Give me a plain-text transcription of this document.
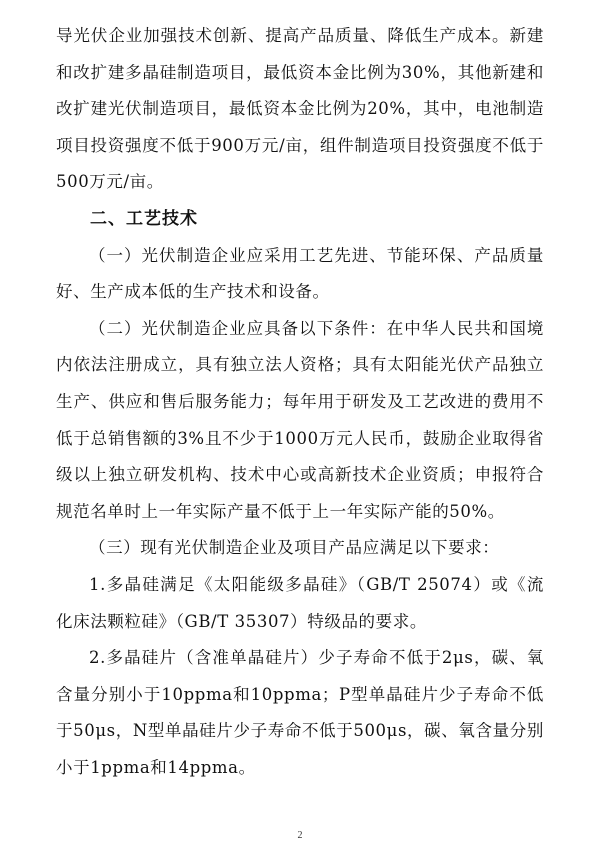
导光伏企业加强技术创新、提高产品质量、降低生产成本。新建和改扩建多晶硅制造项目，最低资本金比例为30%，其他新建和改扩建光伏制造项目，最低资本金比例为20%，其中，电池制造项目投资强度不低于900万元/亩，组件制造项目投资强度不低于500万元/亩。

二、工艺技术

（一）光伏制造企业应采用工艺先进、节能环保、产品质量好、生产成本低的生产技术和设备。

（二）光伏制造企业应具备以下条件：在中华人民共和国境内依法注册成立，具有独立法人资格；具有太阳能光伏产品独立生产、供应和售后服务能力；每年用于研发及工艺改进的费用不低于总销售额的3%且不少于1000万元人民币，鼓励企业取得省级以上独立研发机构、技术中心或高新技术企业资质；申报符合规范名单时上一年实际产量不低于上一年实际产能的50%。

（三）现有光伏制造企业及项目产品应满足以下要求：

1.多晶硅满足《太阳能级多晶硅》（GB/T 25074）或《流化床法颗粒硅》（GB/T 35307）特级品的要求。

2.多晶硅片（含准单晶硅片）少子寿命不低于2μs，碳、氧含量分别小于10ppma和10ppma；P型单晶硅片少子寿命不低于50μs，N型单晶硅片少子寿命不低于500μs，碳、氧含量分别小于1ppma和14ppma。

2
